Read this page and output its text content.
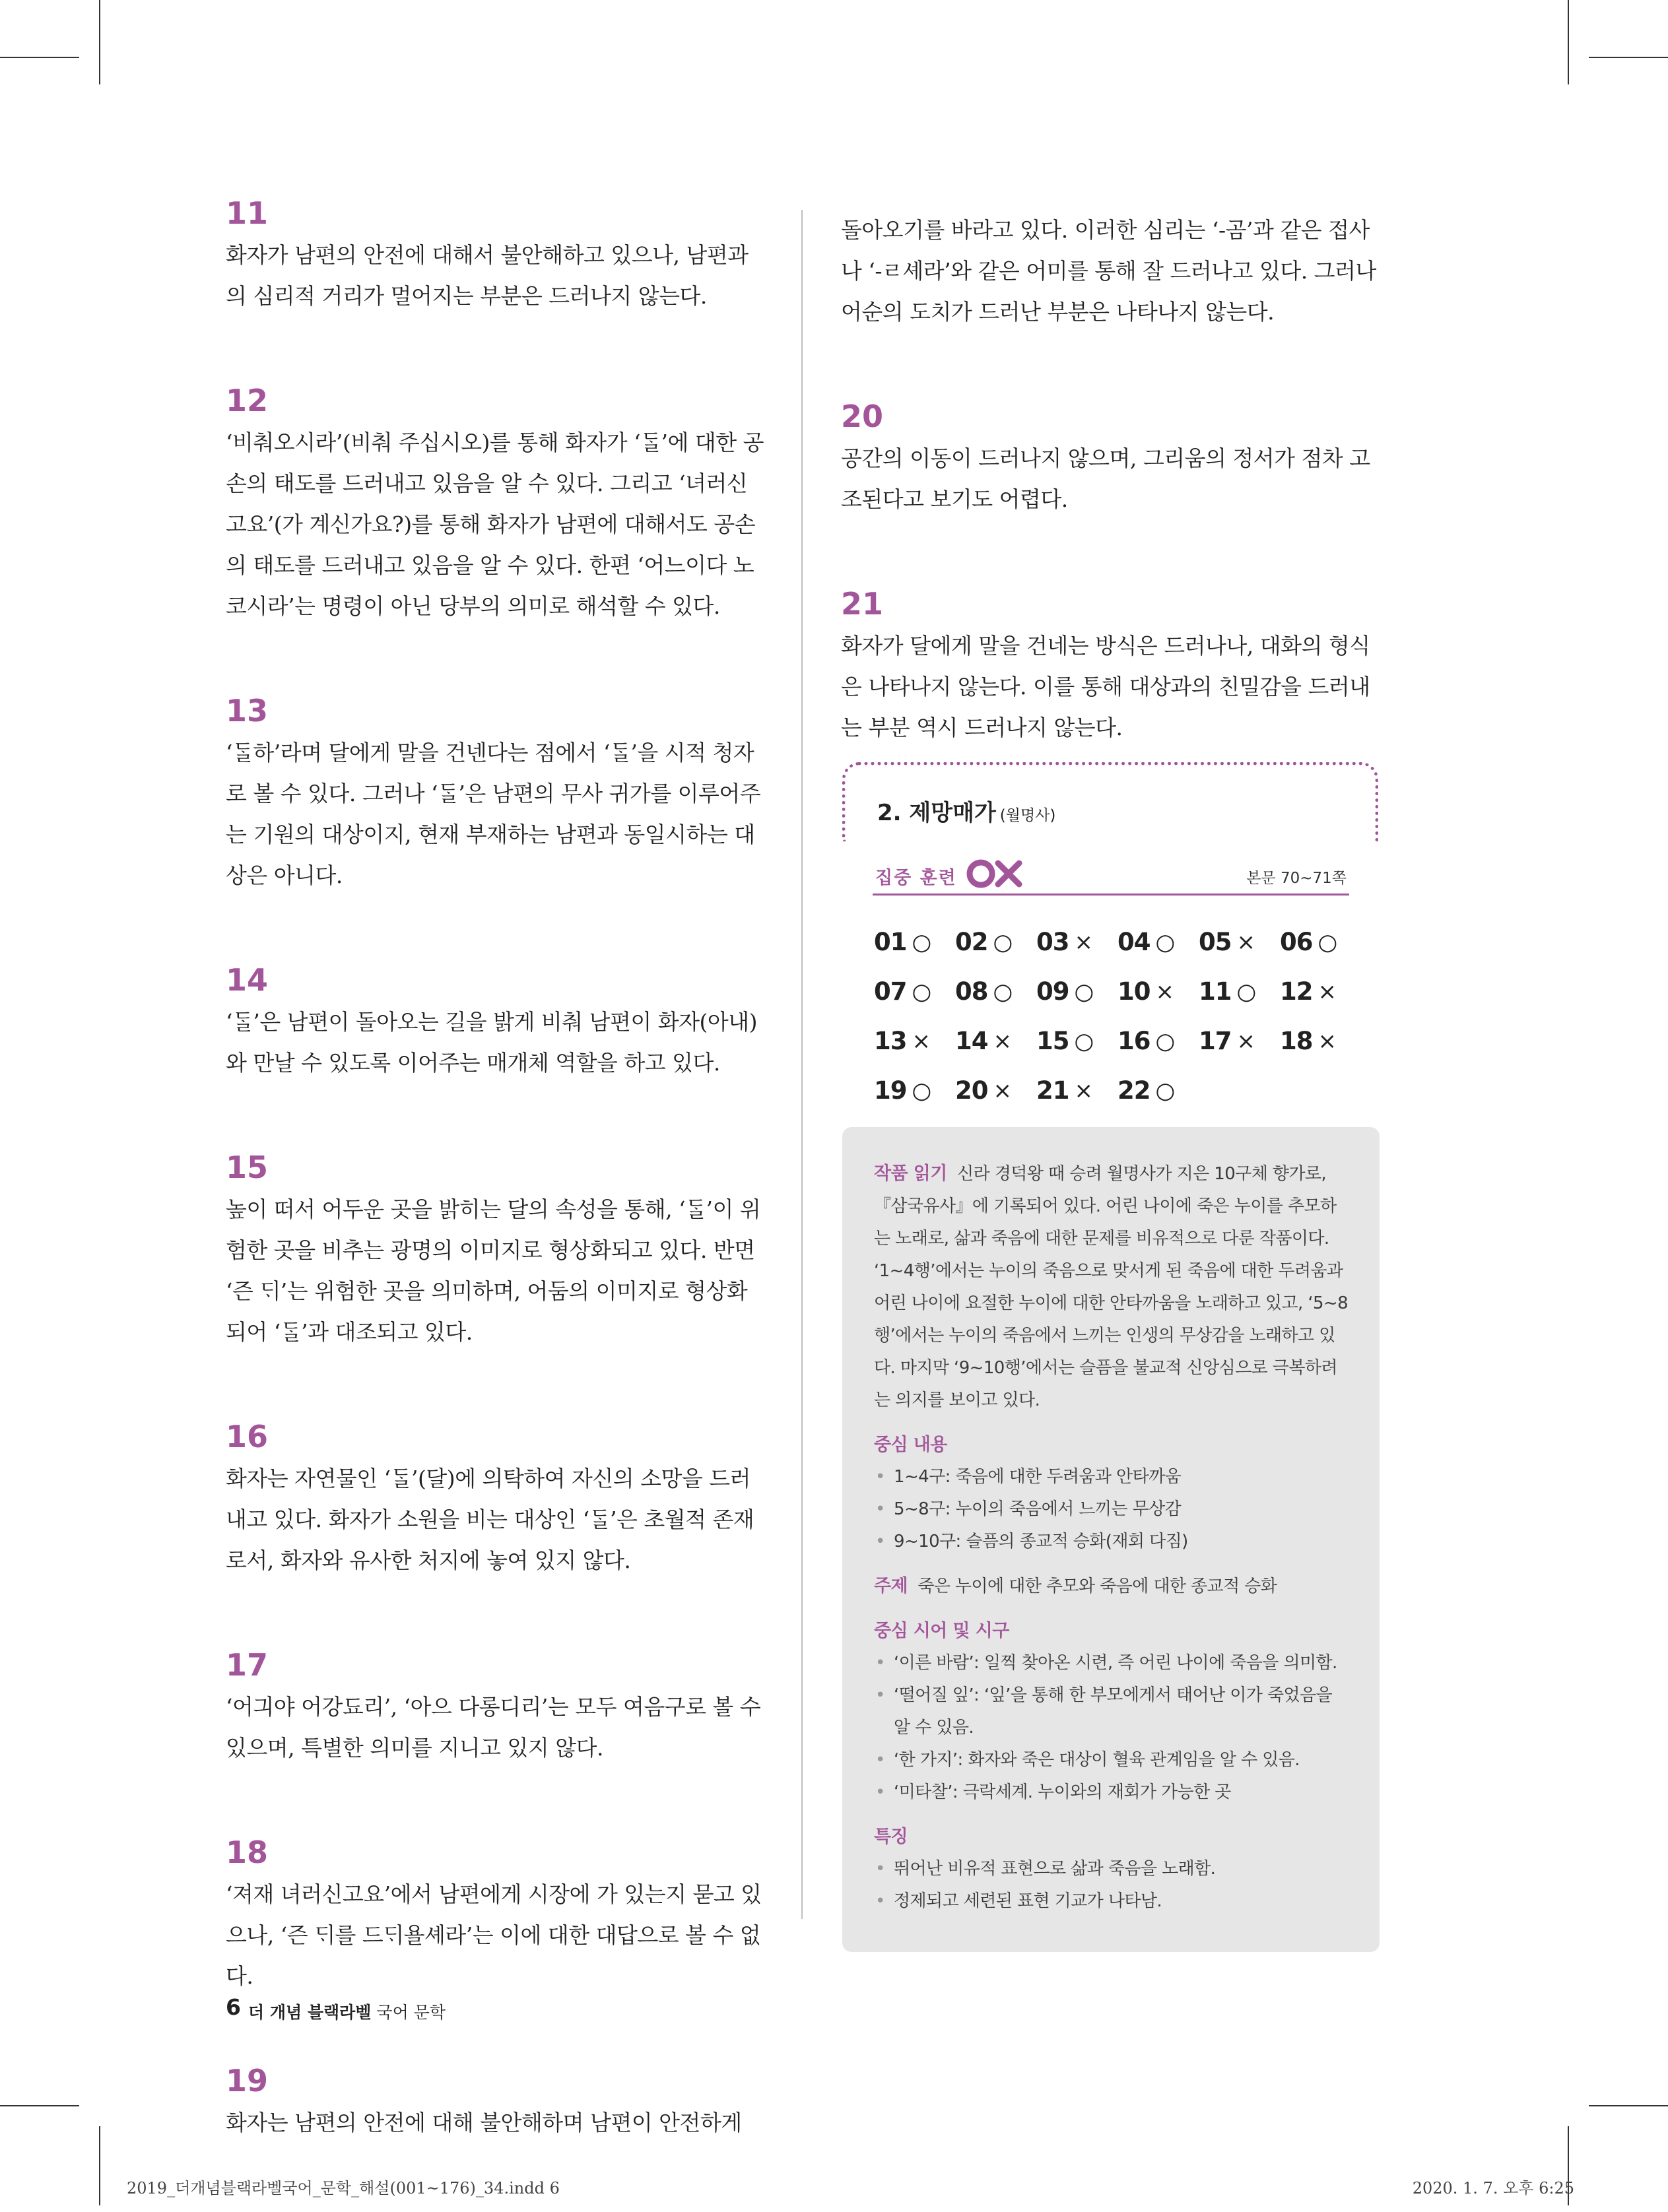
11

화자가 남편의 안전에 대해서 불안해하고 있으나, 남편과 의 심리적 거리가 멀어지는 부분은 드러나지 않는다.

12

‘비춰오시라’(비춰 주십시오)를 통해 화자가 ‘ᄃᆞᆯ’에 대한 공손의 태도를 드러내고 있음을 알 수 있다. 그리고 ‘녀러신 고요’(가 계신가요?)를 통해 화자가 남편에 대해서도 공손의 태도를 드러내고 있음을 알 수 있다. 한편 ‘어느이다 노코시라’는 명령이 아닌 당부의 의미로 해석할 수 있다.

13

‘ᄃᆞᆯ하’라며 달에게 말을 건넨다는 점에서 ‘ᄃᆞᆯ’을 시적 청자로 볼 수 있다. 그러나 ‘ᄃᆞᆯ’은 남편의 무사 귀가를 이루어주는 기원의 대상이지, 현재 부재하는 남편과 동일시하는 대상은 아니다.

14

‘ᄃᆞᆯ’은 남편이 돌아오는 길을 밝게 비춰 남편이 화자(아내)와 만날 수 있도록 이어주는 매개체 역할을 하고 있다.

15

높이 떠서 어두운 곳을 밝히는 달의 속성을 통해, ‘ᄃᆞᆯ’이 위험한 곳을 비추는 광명의 이미지로 형상화되고 있다. 반면 ‘즌 ᄃᆡ’는 위험한 곳을 의미하며, 어둠의 이미지로 형상화되어 ‘ᄃᆞᆯ’과 대조되고 있다.

16

화자는 자연물인 ‘ᄃᆞᆯ’(달)에 의탁하여 자신의 소망을 드러내고 있다. 화자가 소원을 비는 대상인 ‘ᄃᆞᆯ’은 초월적 존재로서, 화자와 유사한 처지에 놓여 있지 않다.

17

‘어긔야 어강됴리’, ‘아으 다롱디리’는 모두 여음구로 볼 수 있으며, 특별한 의미를 지니고 있지 않다.

18

‘져재 녀러신고요’에서 남편에게 시장에 가 있는지 묻고 있으나, ‘즌 ᄃᆡ를 드ᄃᆡ욜셰라’는 이에 대한 대답으로 볼 수 없다.

19

화자는 남편의 안전에 대해 불안해하며 남편이 안전하게

돌아오기를 바라고 있다. 이러한 심리는 ‘-곰’과 같은 접사나 ‘-ㄹ셰라’와 같은 어미를 통해 잘 드러나고 있다. 그러나 어순의 도치가 드러난 부분은 나타나지 않는다.

20

공간의 이동이 드러나지 않으며, 그리움의 정서가 점차 고조된다고 보기도 어렵다.

21

화자가 달에게 말을 건네는 방식은 드러나나, 대화의 형식은 나타나지 않는다. 이를 통해 대상과의 친밀감을 드러내는 부분 역시 드러나지 않는다.

2. 제망매가 (월명사)
집중 훈련
OX
본문 70~71쪽
01 ○ 02 ○ 03 × 04 ○ 05 × 06 ○
07 ○ 08 ○ 09 ○ 10 × 11 ○ 12 ×
13 × 14 × 15 ○ 16 ○ 17 × 18 ×
19 ○ 20 × 21 × 22 ○

작품 읽기 신라 경덕왕 때 승려 월명사가 지은 10구체 향가로, 『삼국유사』에 기록되어 있다. 어린 나이에 죽은 누이를 추모하는 노래로, 삶과 죽음에 대한 문제를 비유적으로 다룬 작품이다. ‘1~4행’에서는 누이의 죽음으로 맞서게 된 죽음에 대한 두려움과 어린 나이에 요절한 누이에 대한 안타까움을 노래하고 있고, ‘5~8행’에서는 누이의 죽음에서 느끼는 인생의 무상감을 노래하고 있다. 마지막 ‘9~10행’에서는 슬픔을 불교적 신앙심으로 극복하려는 의지를 보이고 있다.

중심 내용
• 1~4구: 죽음에 대한 두려움과 안타까움
• 5~8구: 누이의 죽음에서 느끼는 무상감
• 9~10구: 슬픔의 종교적 승화(재회 다짐)

주제 죽은 누이에 대한 추모와 죽음에 대한 종교적 승화

중심 시어 및 시구
• ‘이른 바람’: 일찍 찾아온 시련, 즉 어린 나이에 죽음을 의미함.
• ‘떨어질 잎’: ‘잎’을 통해 한 부모에게서 태어난 이가 죽었음을 알 수 있음.
• ‘한 가지’: 화자와 죽은 대상이 혈육 관계임을 알 수 있음.
• ‘미타찰’: 극락세계. 누이와의 재회가 가능한 곳
특징
• 뛰어난 비유적 표현으로 삶과 죽음을 노래함.
• 정제되고 세련된 표현 기교가 나타남.
6 더 개념 블랙라벨 국어 문학
2019_더개념블랙라벨국어_문학_해설(001~176)_34.indd 6	2020. 1. 7. 오후 6:25
